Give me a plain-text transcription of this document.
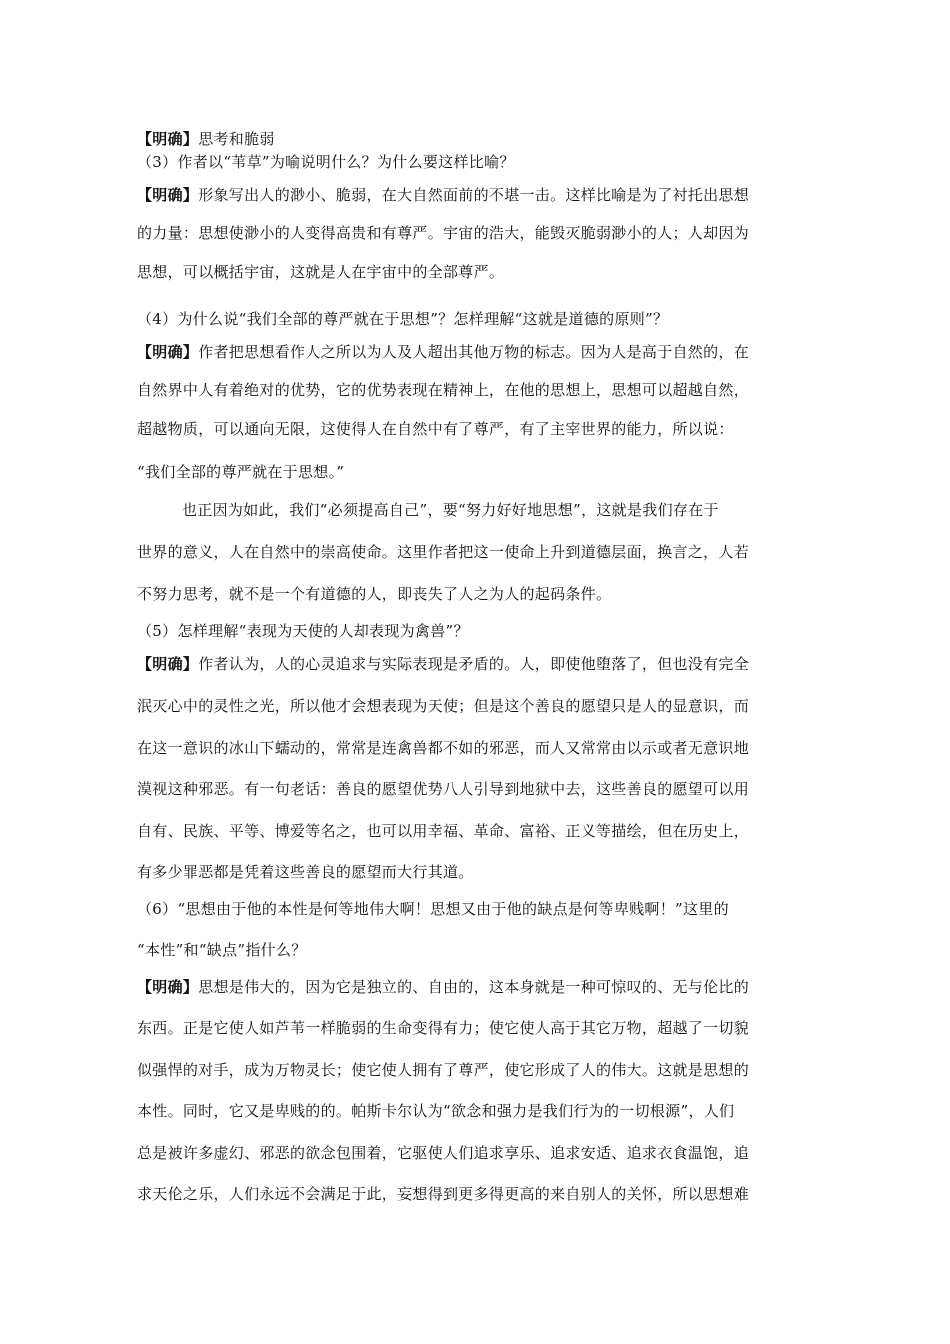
【明确】思考和脆弱

（3）作者以“苇草”为喻说明什么？为什么要这样比喻？

【明确】形象写出人的渺小、脆弱，在大自然面前的不堪一击。这样比喻是为了衬托出思想

的力量：思想使渺小的人变得高贵和有尊严。宇宙的浩大，能毁灭脆弱渺小的人；人却因为

思想，可以概括宇宙，这就是人在宇宙中的全部尊严。

（4）为什么说“我们全部的尊严就在于思想”？怎样理解“这就是道德的原则”？

【明确】作者把思想看作人之所以为人及人超出其他万物的标志。因为人是高于自然的，在

自然界中人有着绝对的优势，它的优势表现在精神上，在他的思想上，思想可以超越自然，

超越物质，可以通向无限，这使得人在自然中有了尊严，有了主宰世界的能力，所以说：

“我们全部的尊严就在于思想。”

也正因为如此，我们“必须提高自己”，要“努力好好地思想”，这就是我们存在于

世界的意义，人在自然中的崇高使命。这里作者把这一使命上升到道德层面，换言之，人若

不努力思考，就不是一个有道德的人，即丧失了人之为人的起码条件。

（5）怎样理解“表现为天使的人却表现为禽兽”？

【明确】作者认为，人的心灵追求与实际表现是矛盾的。人，即使他堕落了，但也没有完全

泯灭心中的灵性之光，所以他才会想表现为天使；但是这个善良的愿望只是人的显意识，而

在这一意识的冰山下蠕动的，常常是连禽兽都不如的邪恶，而人又常常由以示或者无意识地

漠视这种邪恶。有一句老话：善良的愿望优势八人引导到地狱中去，这些善良的愿望可以用

自有、民族、平等、博爱等名之，也可以用幸福、革命、富裕、正义等描绘，但在历史上，

有多少罪恶都是凭着这些善良的愿望而大行其道。

（6）“思想由于他的本性是何等地伟大啊！思想又由于他的缺点是何等卑贱啊！”这里的

“本性”和“缺点”指什么？

【明确】思想是伟大的，因为它是独立的、自由的，这本身就是一种可惊叹的、无与伦比的

东西。正是它使人如芦苇一样脆弱的生命变得有力；使它使人高于其它万物，超越了一切貌

似强悍的对手，成为万物灵长；使它使人拥有了尊严，使它形成了人的伟大。这就是思想的

本性。同时，它又是卑贱的的。帕斯卡尔认为“欲念和强力是我们行为的一切根源”，人们

总是被许多虚幻、邪恶的欲念包围着，它驱使人们追求享乐、追求安适、追求衣食温饱，追

求天伦之乐，人们永远不会满足于此，妄想得到更多得更高的来自别人的关怀，所以思想难
